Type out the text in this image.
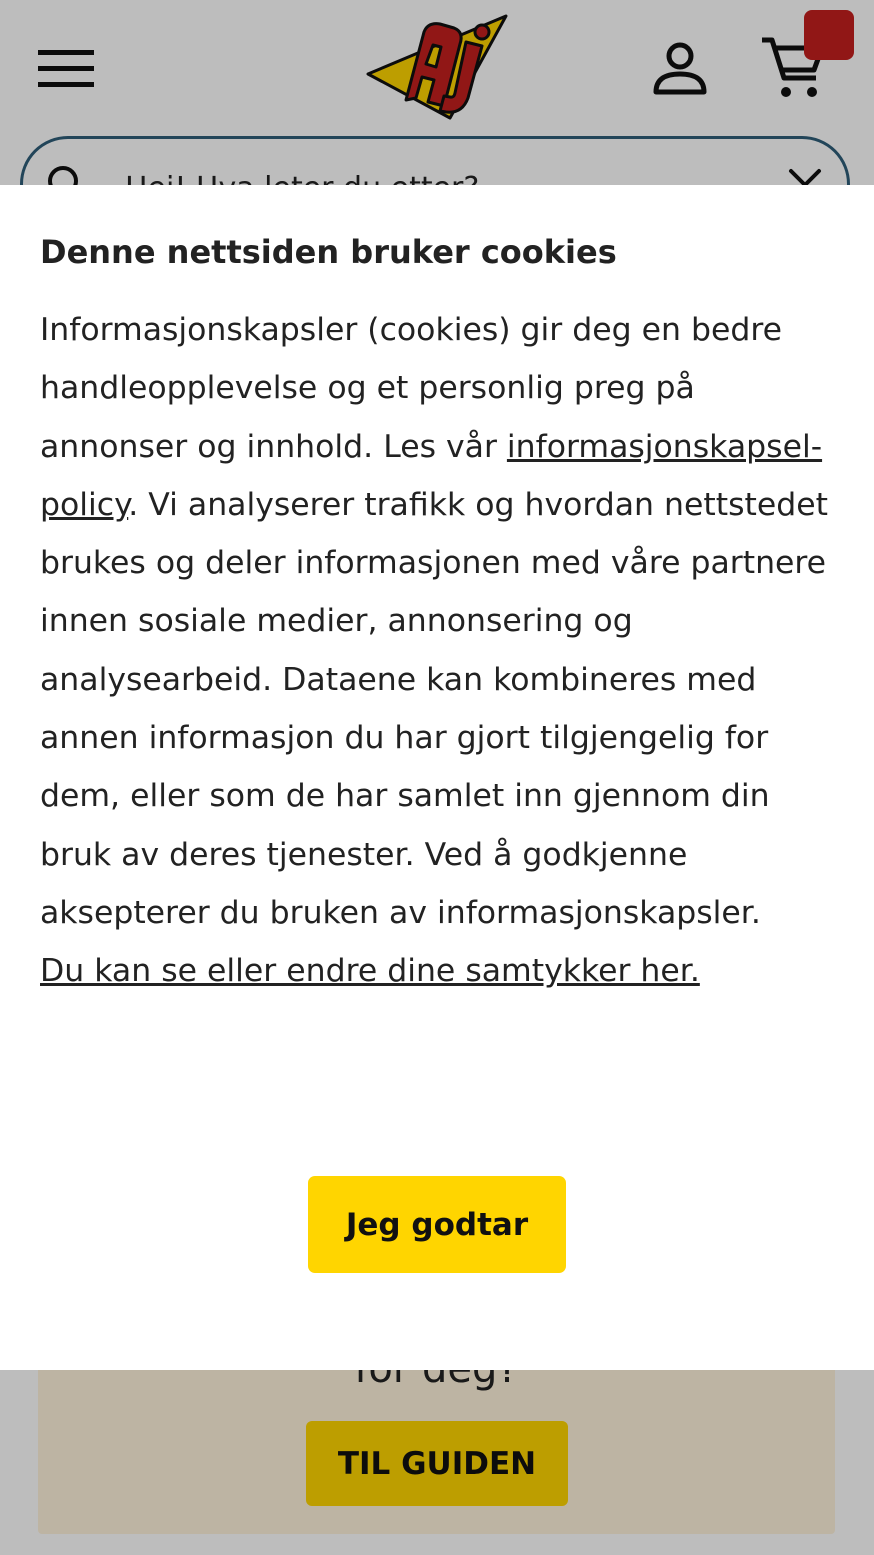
Hei! Hva leter du etter?
TIL GUIDEN
Denne nettsiden bruker cookies

Informasjonskapsler (cookies) gir deg en bedre handleopplevelse og et personlig preg på annonser og innhold. Les vår informasjonskapsel-policy. Vi analyserer trafikk og hvordan nettstedet brukes og deler informasjonen med våre partnere innen sosiale medier, annonsering og analysearbeid. Dataene kan kombineres med annen informasjon du har gjort tilgjengelig for dem, eller som de har samlet inn gjennom din bruk av deres tjenester. Ved å godkjenne aksepterer du bruken av informasjonskapsler.
Du kan se eller endre dine samtykker her.

Jeg godtar
